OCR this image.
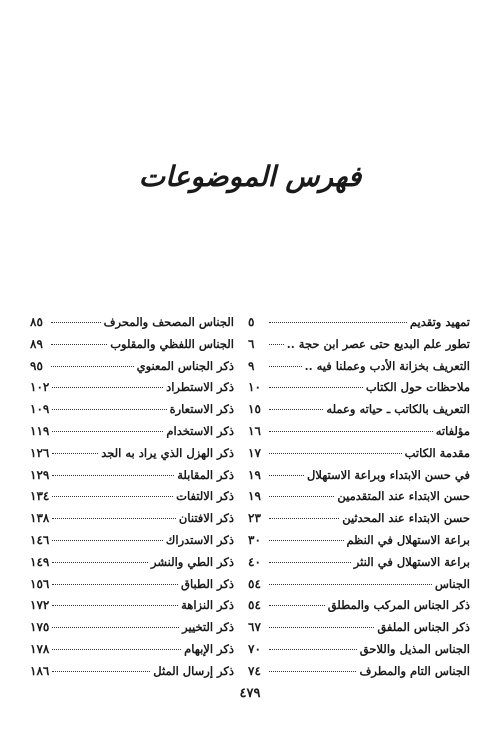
فهرس الموضوعات
تمهيد وتقديم
٥
تطور علم البديع حتى عصر ابن حجة ..
٦
التعريف بخزانة الأدب وعملنا فيه ..
٩
ملاحظات حول الكتاب
١٠
التعريف بالكاتب ـ حياته وعمله
١٥
مؤلفاته
١٦
مقدمة الكاتب
١٧
في حسن الابتداء وبراعة الاستهلال
١٩
حسن الابتداء عند المتقدمين
١٩
حسن الابتداء عند المحدثين
٢٣
براعة الاستهلال في النظم
٣٠
براعة الاستهلال في النثر
٤٠
الجناس
٥٤
ذكر الجناس المركب والمطلق
٥٤
ذكر الجناس الملفق
٦٧
الجناس المذيل واللاحق
٧٠
الجناس التام والمطرف
٧٤
الجناس المصحف والمحرف
٨٥
الجناس اللفظي والمقلوب
٨٩
ذكر الجناس المعنوي
٩٥
ذكر الاستطراد
١٠٢
ذكر الاستعارة
١٠٩
ذكر الاستخدام
١١٩
ذكر الهزل الذي يراد به الجد
١٢٦
ذكر المقابلة
١٢٩
ذكر الالتفات
١٣٤
ذكر الافتنان
١٣٨
ذكر الاستدراك
١٤٦
ذكر الطي والنشر
١٤٩
ذكر الطباق
١٥٦
ذكر النزاهة
١٧٢
ذكر التخيير
١٧٥
ذكر الإبهام
١٧٨
ذكر إرسال المثل
١٨٦
٤٧٩
